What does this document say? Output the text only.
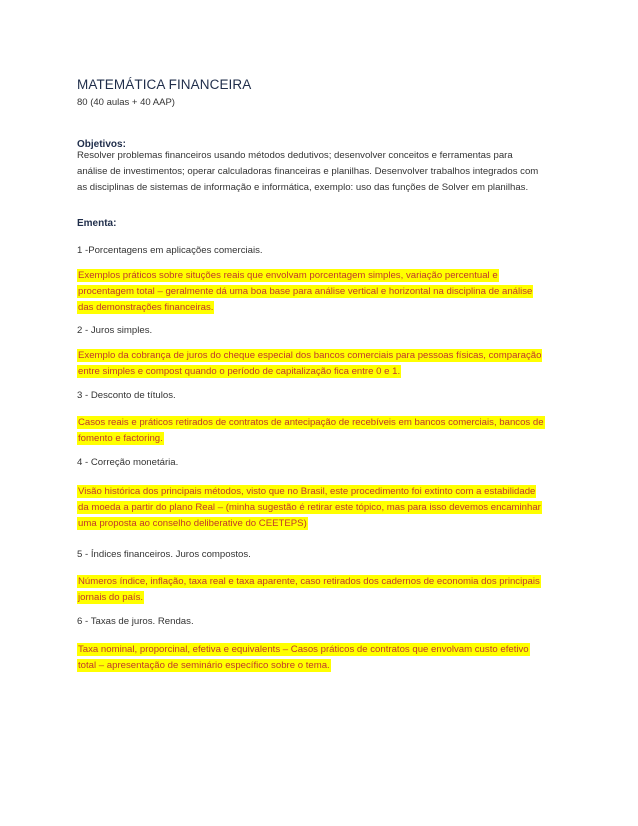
MATEMÁTICA FINANCEIRA
80 (40 aulas + 40 AAP)
Objetivos:
Resolver problemas financeiros usando métodos dedutivos; desenvolver conceitos e ferramentas para
análise de investimentos; operar calculadoras financeiras e planilhas. Desenvolver trabalhos integrados com
as disciplinas de sistemas de informação e informática, exemplo: uso das funções de Solver em planilhas.
Ementa:
1 -Porcentagens em aplicações comerciais.
Exemplos práticos sobre situções reais que envolvam porcentagem simples, variação percentual e
procentagem total – geralmente dá uma boa base para análise vertical e horizontal na disciplina de análise
das demonstrações financeiras.
2 - Juros simples.
Exemplo da cobrança de juros do cheque especial dos bancos comerciais para pessoas físicas, comparação
entre simples e compost quando o período de capitalização fica entre 0 e 1.
3 - Desconto de títulos.
Casos reais e práticos retirados de contratos de antecipação de recebíveis em bancos comerciais, bancos de
fomento e factoring.
4 - Correção monetária.
Visão histórica dos principais métodos, visto que no Brasil, este procedimento foi extinto com a estabilidade
da moeda a partir do plano Real – (minha sugestão é retirar este tópico, mas para isso devemos encaminhar
uma proposta ao conselho deliberative do CEETEPS)
5 - Índices financeiros. Juros compostos.
Números índice, inflação, taxa real e taxa aparente, caso retirados dos cadernos de economia dos principais
jornais do país.
6 - Taxas de juros. Rendas.
Taxa nominal, proporcinal, efetiva e equivalents – Casos práticos de contratos que envolvam custo efetivo
total – apresentação de seminário específico sobre o tema.
